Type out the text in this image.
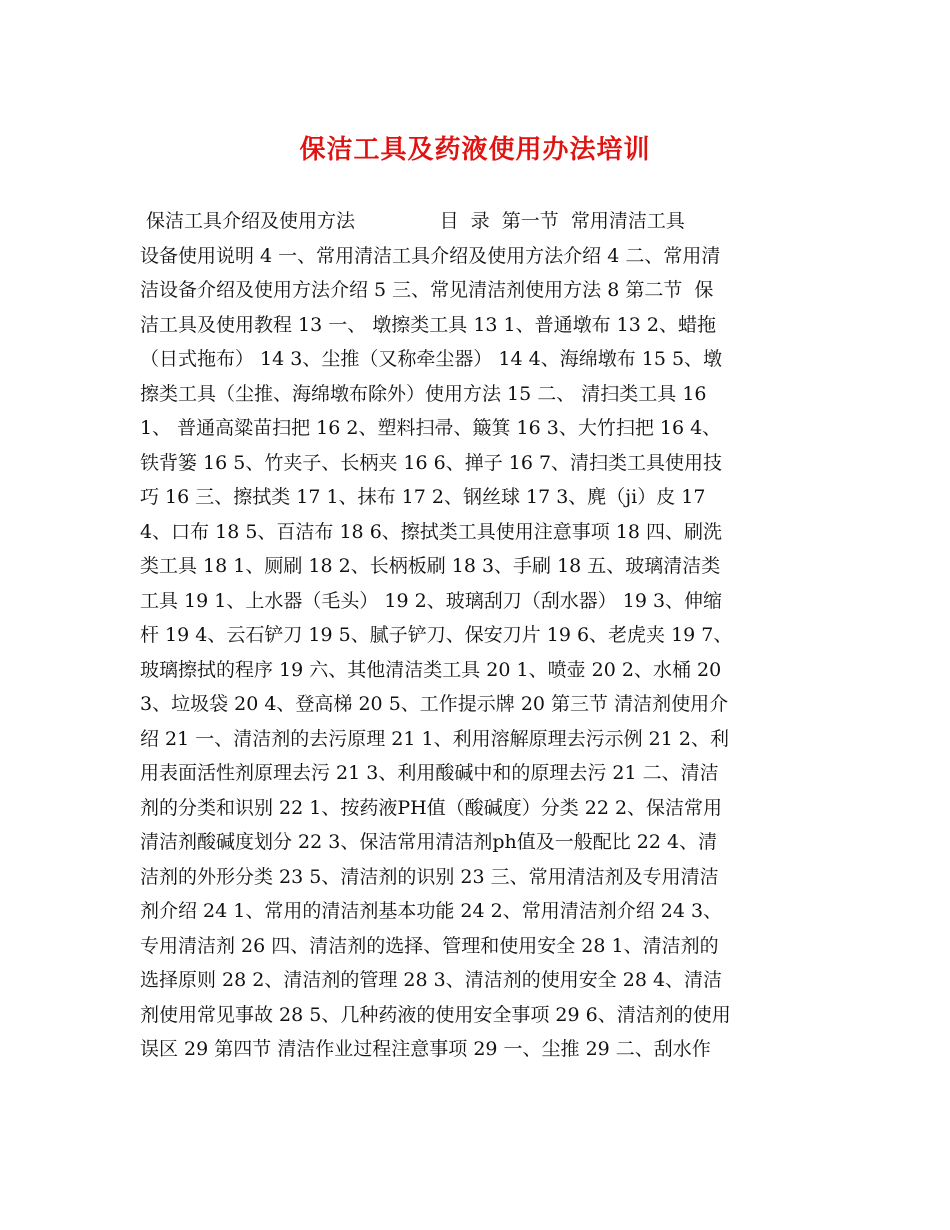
保洁工具及药液使用办法培训
保洁工具介绍及使用方法              目  录  第一节  常用清洁工具
设备使用说明 4 一、常用清洁工具介绍及使用方法介绍 4 二、常用清
洁设备介绍及使用方法介绍 5 三、常见清洁剂使用方法 8 第二节  保
洁工具及使用教程 13 一、 墩擦类工具 13 1、普通墩布 13 2、蜡拖
（日式拖布） 14 3、尘推（又称牵尘器） 14 4、海绵墩布 15 5、墩
擦类工具（尘推、海绵墩布除外）使用方法 15 二、 清扫类工具 16
1、 普通高粱苗扫把 16 2、塑料扫帚、簸箕 16 3、大竹扫把 16 4、
铁背篓 16 5、竹夹子、长柄夹 16 6、掸子 16 7、清扫类工具使用技
巧 16 三、擦拭类 17 1、抹布 17 2、钢丝球 17 3、麂（ji）皮 17
4、口布 18 5、百洁布 18 6、擦拭类工具使用注意事项 18 四、刷洗
类工具 18 1、厕刷 18 2、长柄板刷 18 3、手刷 18 五、玻璃清洁类
工具 19 1、上水器（毛头） 19 2、玻璃刮刀（刮水器） 19 3、伸缩
杆 19 4、云石铲刀 19 5、腻子铲刀、保安刀片 19 6、老虎夹 19 7、
玻璃擦拭的程序 19 六、其他清洁类工具 20 1、喷壶 20 2、水桶 20
3、垃圾袋 20 4、登高梯 20 5、工作提示牌 20 第三节 清洁剂使用介
绍 21 一、清洁剂的去污原理 21 1、利用溶解原理去污示例 21 2、利
用表面活性剂原理去污 21 3、利用酸碱中和的原理去污 21 二、清洁
剂的分类和识别 22 1、按药液PH值（酸碱度）分类 22 2、保洁常用
清洁剂酸碱度划分 22 3、保洁常用清洁剂ph值及一般配比 22 4、清
洁剂的外形分类 23 5、清洁剂的识别 23 三、常用清洁剂及专用清洁
剂介绍 24 1、常用的清洁剂基本功能 24 2、常用清洁剂介绍 24 3、
专用清洁剂 26 四、清洁剂的选择、管理和使用安全 28 1、清洁剂的
选择原则 28 2、清洁剂的管理 28 3、清洁剂的使用安全 28 4、清洁
剂使用常见事故 28 5、几种药液的使用安全事项 29 6、清洁剂的使用
误区 29 第四节 清洁作业过程注意事项 29 一、尘推 29 二、刮水作
